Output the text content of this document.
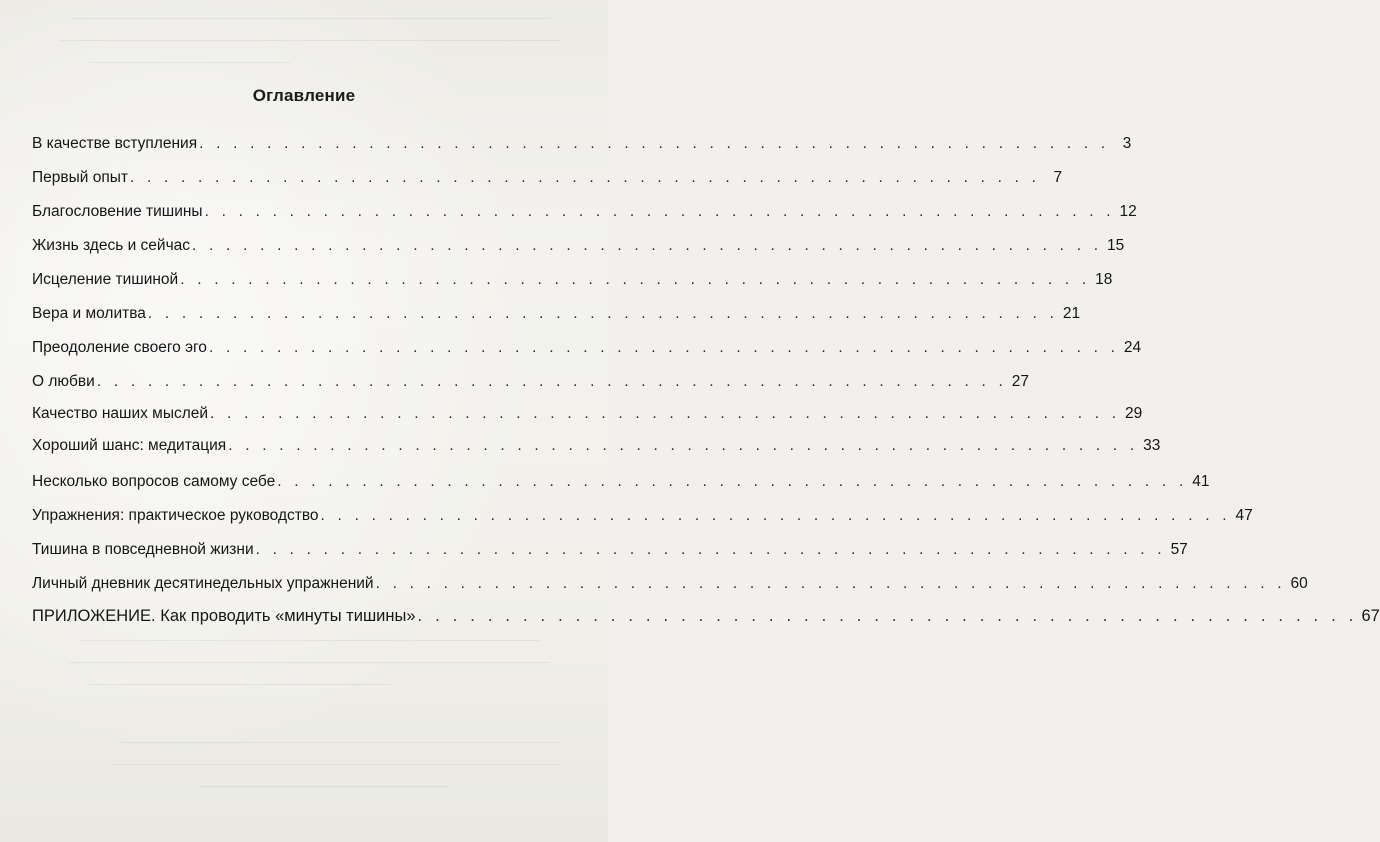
Оглавление
В качестве вступления . . . . . . . . . . . . . . . . . . . . . . . . . . . . . . . . . . . . . . . . . . . . . . . . . . . . . . 3
Первый опыт . . . . . . . . . . . . . . . . . . . . . . . . . . . . . . . . . . . . . . . . . . . . . . . . . . . . . . 7
Благословение тишины . . . . . . . . . . . . . . . . . . . . . . . . . . . . . . . . . . . . . . . . . . . . . . . . . . . . . . 12
Жизнь здесь и сейчас . . . . . . . . . . . . . . . . . . . . . . . . . . . . . . . . . . . . . . . . . . . . . . . . . . . . . . 15
Исцеление тишиной . . . . . . . . . . . . . . . . . . . . . . . . . . . . . . . . . . . . . . . . . . . . . . . . . . . . . . 18
Вера и молитва . . . . . . . . . . . . . . . . . . . . . . . . . . . . . . . . . . . . . . . . . . . . . . . . . . . . . . 21
Преодоление своего эго . . . . . . . . . . . . . . . . . . . . . . . . . . . . . . . . . . . . . . . . . . . . . . . . . . . . . . 24
О любви . . . . . . . . . . . . . . . . . . . . . . . . . . . . . . . . . . . . . . . . . . . . . . . . . . . . . . 27
Качество наших мыслей . . . . . . . . . . . . . . . . . . . . . . . . . . . . . . . . . . . . . . . . . . . . . . . . . . . . . . 29
Хороший шанс: медитация . . . . . . . . . . . . . . . . . . . . . . . . . . . . . . . . . . . . . . . . . . . . . . . . . . . . . . 33
Несколько вопросов самому себе . . . . . . . . . . . . . . . . . . . . . . . . . . . . . . . . . . . . . . . . . . . . . . . . . . . . . . 41
Упражнения: практическое руководство . . . . . . . . . . . . . . . . . . . . . . . . . . . . . . . . . . . . . . . . . . . . . . . . . . . . . . 47
Тишина в повседневной жизни . . . . . . . . . . . . . . . . . . . . . . . . . . . . . . . . . . . . . . . . . . . . . . . . . . . . . . 57
Личный дневник десятинедельных упражнений . . . . . . . . . . . . . . . . . . . . . . . . . . . . . . . . . . . . . . . . . . . . . . . . . . . . . . 60
ПРИЛОЖЕНИЕ. Как проводить «минуты тишины» . . . . . . . . . . . . . . . . . . . . . . . . . . . . . . . . . . . . . . . . . . . . . . . . . . . . . . 67
